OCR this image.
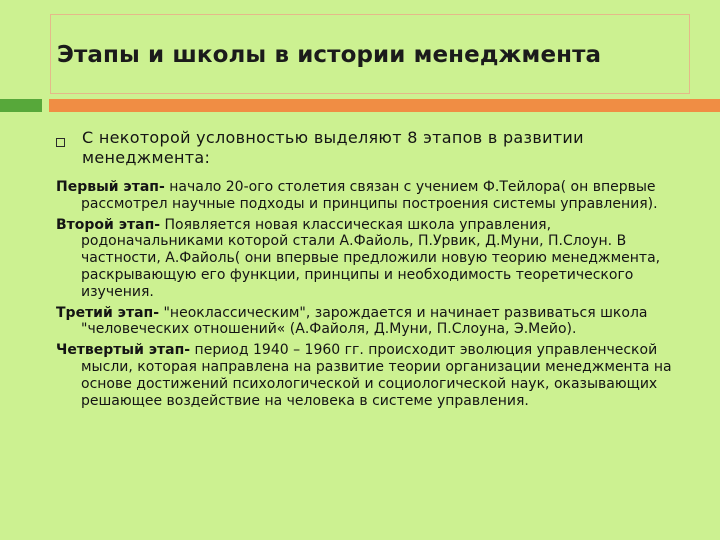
Этапы и школы в истории менеджмента
С некоторой условностью выделяют 8 этапов в развитии менеджмента:

Первый этап- начало 20-ого столетия связан с учением Ф.Тейлора( он впервые рассмотрел научные подходы и принципы построения системы управления).

Второй этап- Появляется новая классическая школа управления, родоначальниками которой стали А.Файоль, П.Урвик, Д.Муни, П.Слоун. В частности, А.Файоль( они впервые предложили новую теорию менеджмента, раскрывающую его функции, принципы и необходимость теоретического изучения.

Третий этап- "неоклассическим", зарождается и начинает развиваться школа "человеческих отношений« (А.Файоля, Д.Муни, П.Слоуна, Э.Мейо).

Четвертый этап- период 1940 – 1960 гг. происходит эволюция управленческой мысли, которая направлена на развитие теории организации менеджмента на основе достижений психологической и социологической наук, оказывающих решающее воздействие на человека в системе управления.
